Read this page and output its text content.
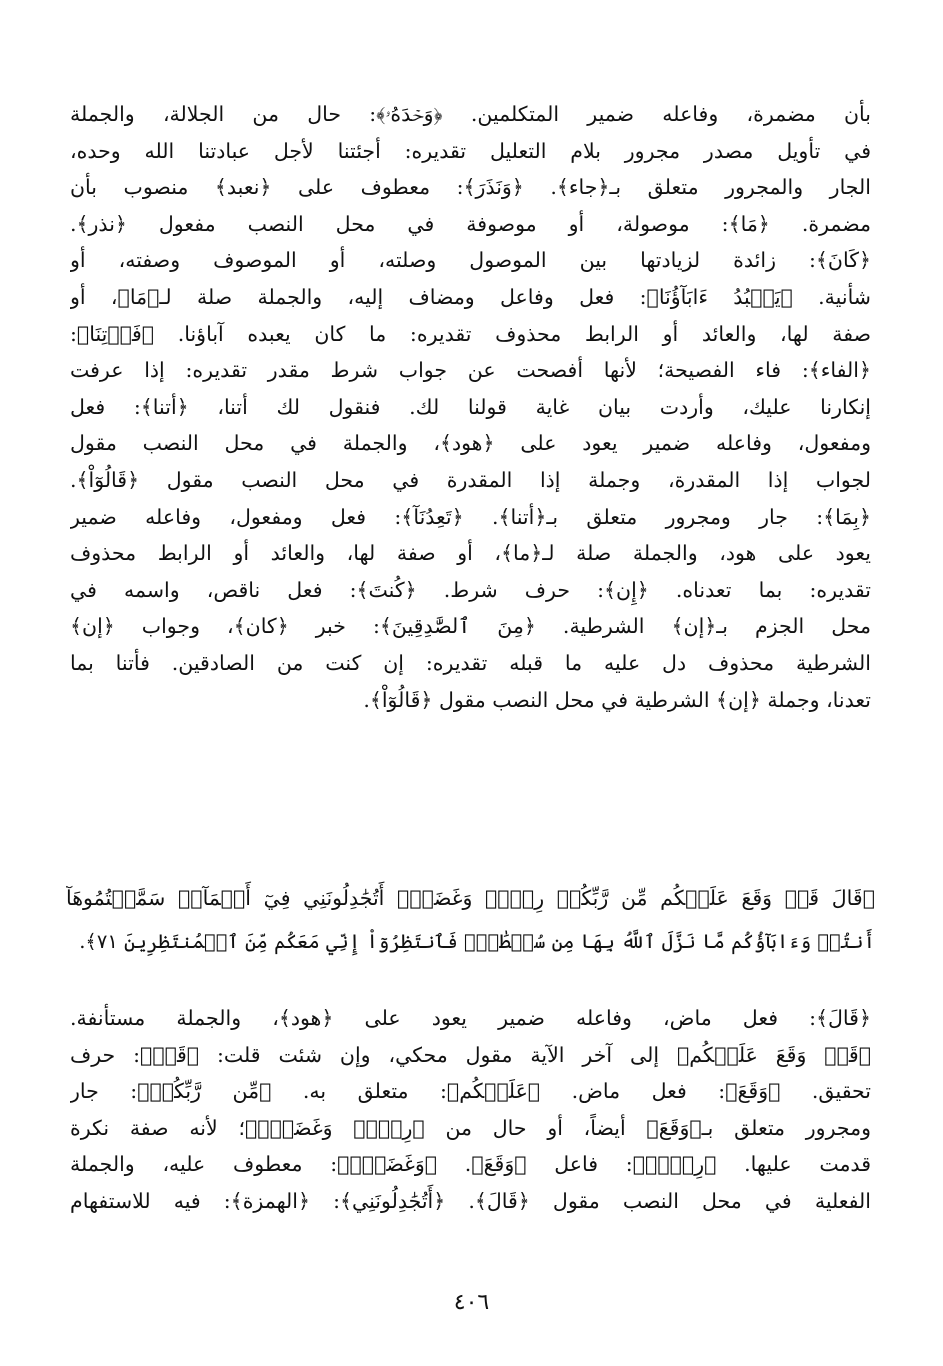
بأن مضمرة، وفاعله ضمير المتكلمين. ﴿وَحۡدَهُۥ﴾: حال من الجلالة، والجملة
في تأويل مصدر مجرور بلام التعليل تقديره: أجئتنا لأجل عبادتنا الله وحده،
الجار والمجرور متعلق بـ﴿جاء﴾. ﴿وَنَذَرَ﴾: معطوف على ﴿نعبد﴾ منصوب بأن
مضمرة. ﴿مَا﴾: موصولة، أو موصوفة في محل النصب مفعول ﴿نذر﴾.
﴿كَانَ﴾: زائدة لزيادتها بين الموصول وصلته، أو الموصوف وصفته، أو
شأنية. ﴿يَعۡبُدُ ءَابَآؤُنَا﴾: فعل وفاعل ومضاف إليه، والجملة صلة لـ﴿مَا﴾، أو
صفة لها، والعائد أو الرابط محذوف تقديره: ما كان يعبده آباؤنا. ﴿فَأۡتِنَا﴾:
﴿الفاء﴾: فاء الفصيحة؛ لأنها أفصحت عن جواب شرط مقدر تقديره: إذا عرفت
إنكارنا عليك، وأردت بيان غاية قولنا لك. فنقول لك أتنا، ﴿أتنا﴾: فعل
ومفعول، وفاعله ضمير يعود على ﴿هود﴾، والجملة في محل النصب مقول
لجواب إذا المقدرة، وجملة إذا المقدرة في محل النصب مقول ﴿قَالُوٓاْ﴾.
﴿بِمَا﴾: جار ومجرور متعلق بـ﴿أتنا﴾. ﴿تَعِدُنَآ﴾: فعل ومفعول، وفاعله ضمير
يعود على هود، والجملة صلة لـ﴿ما﴾، أو صفة لها، والعائد أو الرابط محذوف
تقديره: بما تعدناه. ﴿إِن﴾: حرف شرط. ﴿كُنتَ﴾: فعل ناقص، واسمه في
محل الجزم بـ﴿إن﴾ الشرطية. ﴿مِنَ ٱلصَّٰدِقِينَ﴾: خبر ﴿كان﴾، وجواب ﴿إن﴾
الشرطية محذوف دل عليه ما قبله تقديره: إن كنت من الصادقين. فأتنا بما
تعدنا، وجملة ﴿إن﴾ الشرطية في محل النصب مقول ﴿قَالُوٓاْ﴾.
﴿قَالَ قَدۡ وَقَعَ عَلَيۡكُم مِّن رَّبِّكُمۡ رِجۡسٞ وَغَضَبٌۖ أَتُجَٰدِلُونَنِي فِيٓ أَسۡمَآءٖ سَمَّيۡتُمُوهَآ
أَنتُمۡ وَءَابَآؤُكُم مَّا نَزَّلَ ٱللَّهُ بِهَا مِن سُلۡطَٰنٖۚ فَٱنتَظِرُوٓاْ إِنِّي مَعَكُم مِّنَ ٱلۡمُنتَظِرِينَ ٧١﴾.
﴿قَالَ﴾: فعل ماض، وفاعله ضمير يعود على ﴿هود﴾، والجملة مستأنفة.
﴿قَدۡ وَقَعَ عَلَيۡكُم﴾ إلى آخر الآية مقول محكي، وإن شئت قلت: ﴿قَدۡ﴾: حرف
تحقيق. ﴿وَقَعَ﴾: فعل ماض. ﴿عَلَيۡكُم﴾: متعلق به. ﴿مِّن رَّبِّكُمۡ﴾: جار
ومجرور متعلق بـ﴿وَقَعَ﴾ أيضاً، أو حال من ﴿رِجۡسٞ وَغَضَبٌۖ﴾؛ لأنه صفة نكرة
قدمت عليها. ﴿رِجۡسٞ﴾: فاعل ﴿وَقَعَ﴾. ﴿وَغَضَبٌۖ﴾: معطوف عليه، والجملة
الفعلية في محل النصب مقول ﴿قَالَ﴾. ﴿أَتُجَٰدِلُونَنِي﴾: ﴿الهمزة﴾: فيه للاستفهام
٤٠٦
